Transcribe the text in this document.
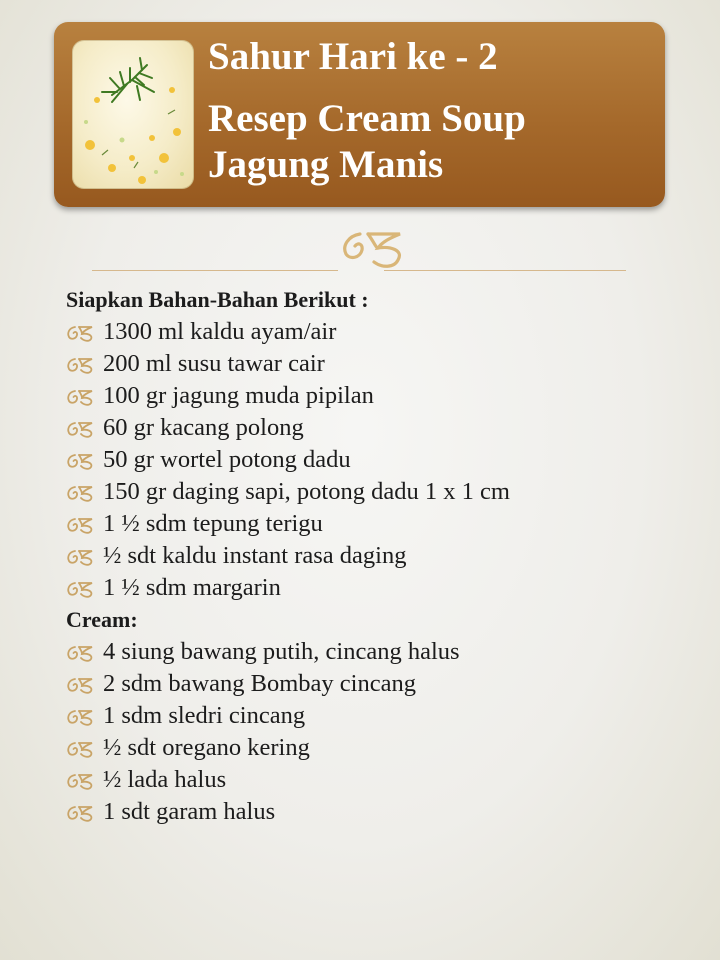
Sahur Hari ke - 2
Resep Cream Soup
Jagung Manis
Siapkan Bahan-Bahan Berikut :
1300 ml kaldu ayam/air
200 ml susu tawar cair
100 gr jagung muda pipilan
60 gr kacang polong
50 gr wortel potong dadu
150 gr daging sapi, potong dadu 1 x 1 cm
1 ½ sdm tepung terigu
½ sdt kaldu instant rasa daging
1 ½ sdm margarin
Cream:
4 siung bawang putih, cincang halus
2 sdm bawang Bombay cincang
1 sdm sledri cincang
½ sdt oregano kering
½ lada halus
1 sdt garam halus
